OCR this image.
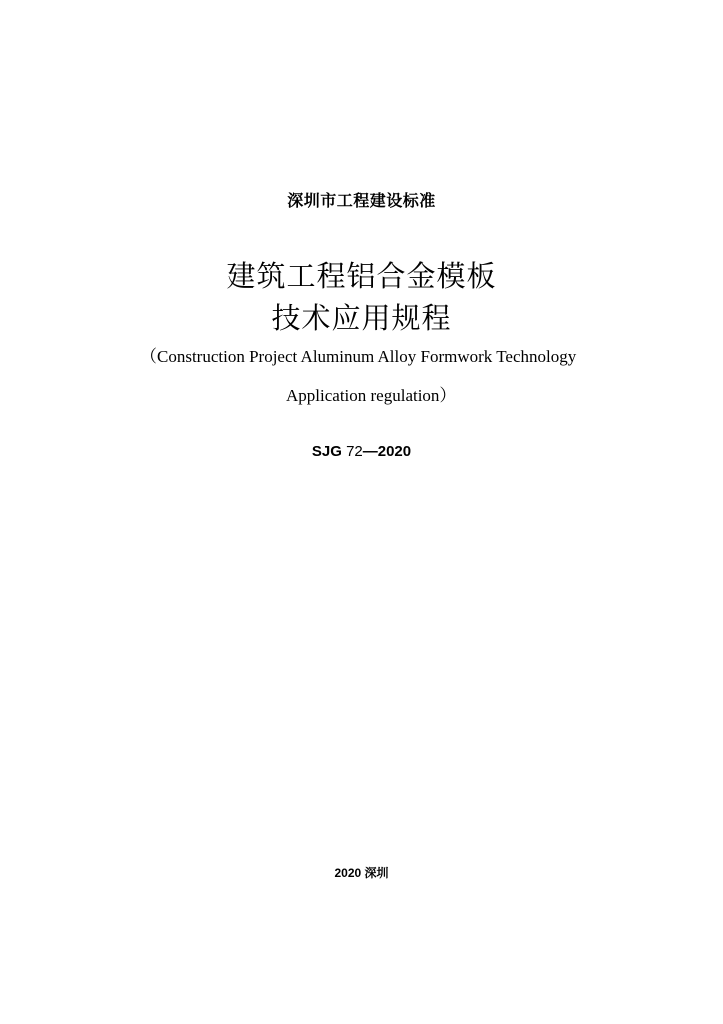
深圳市工程建设标准
建筑工程铝合金模板
技术应用规程
（Construction Project Aluminum Alloy Formwork Technology
Application regulation）
SJG 72—2020
2020 深圳
